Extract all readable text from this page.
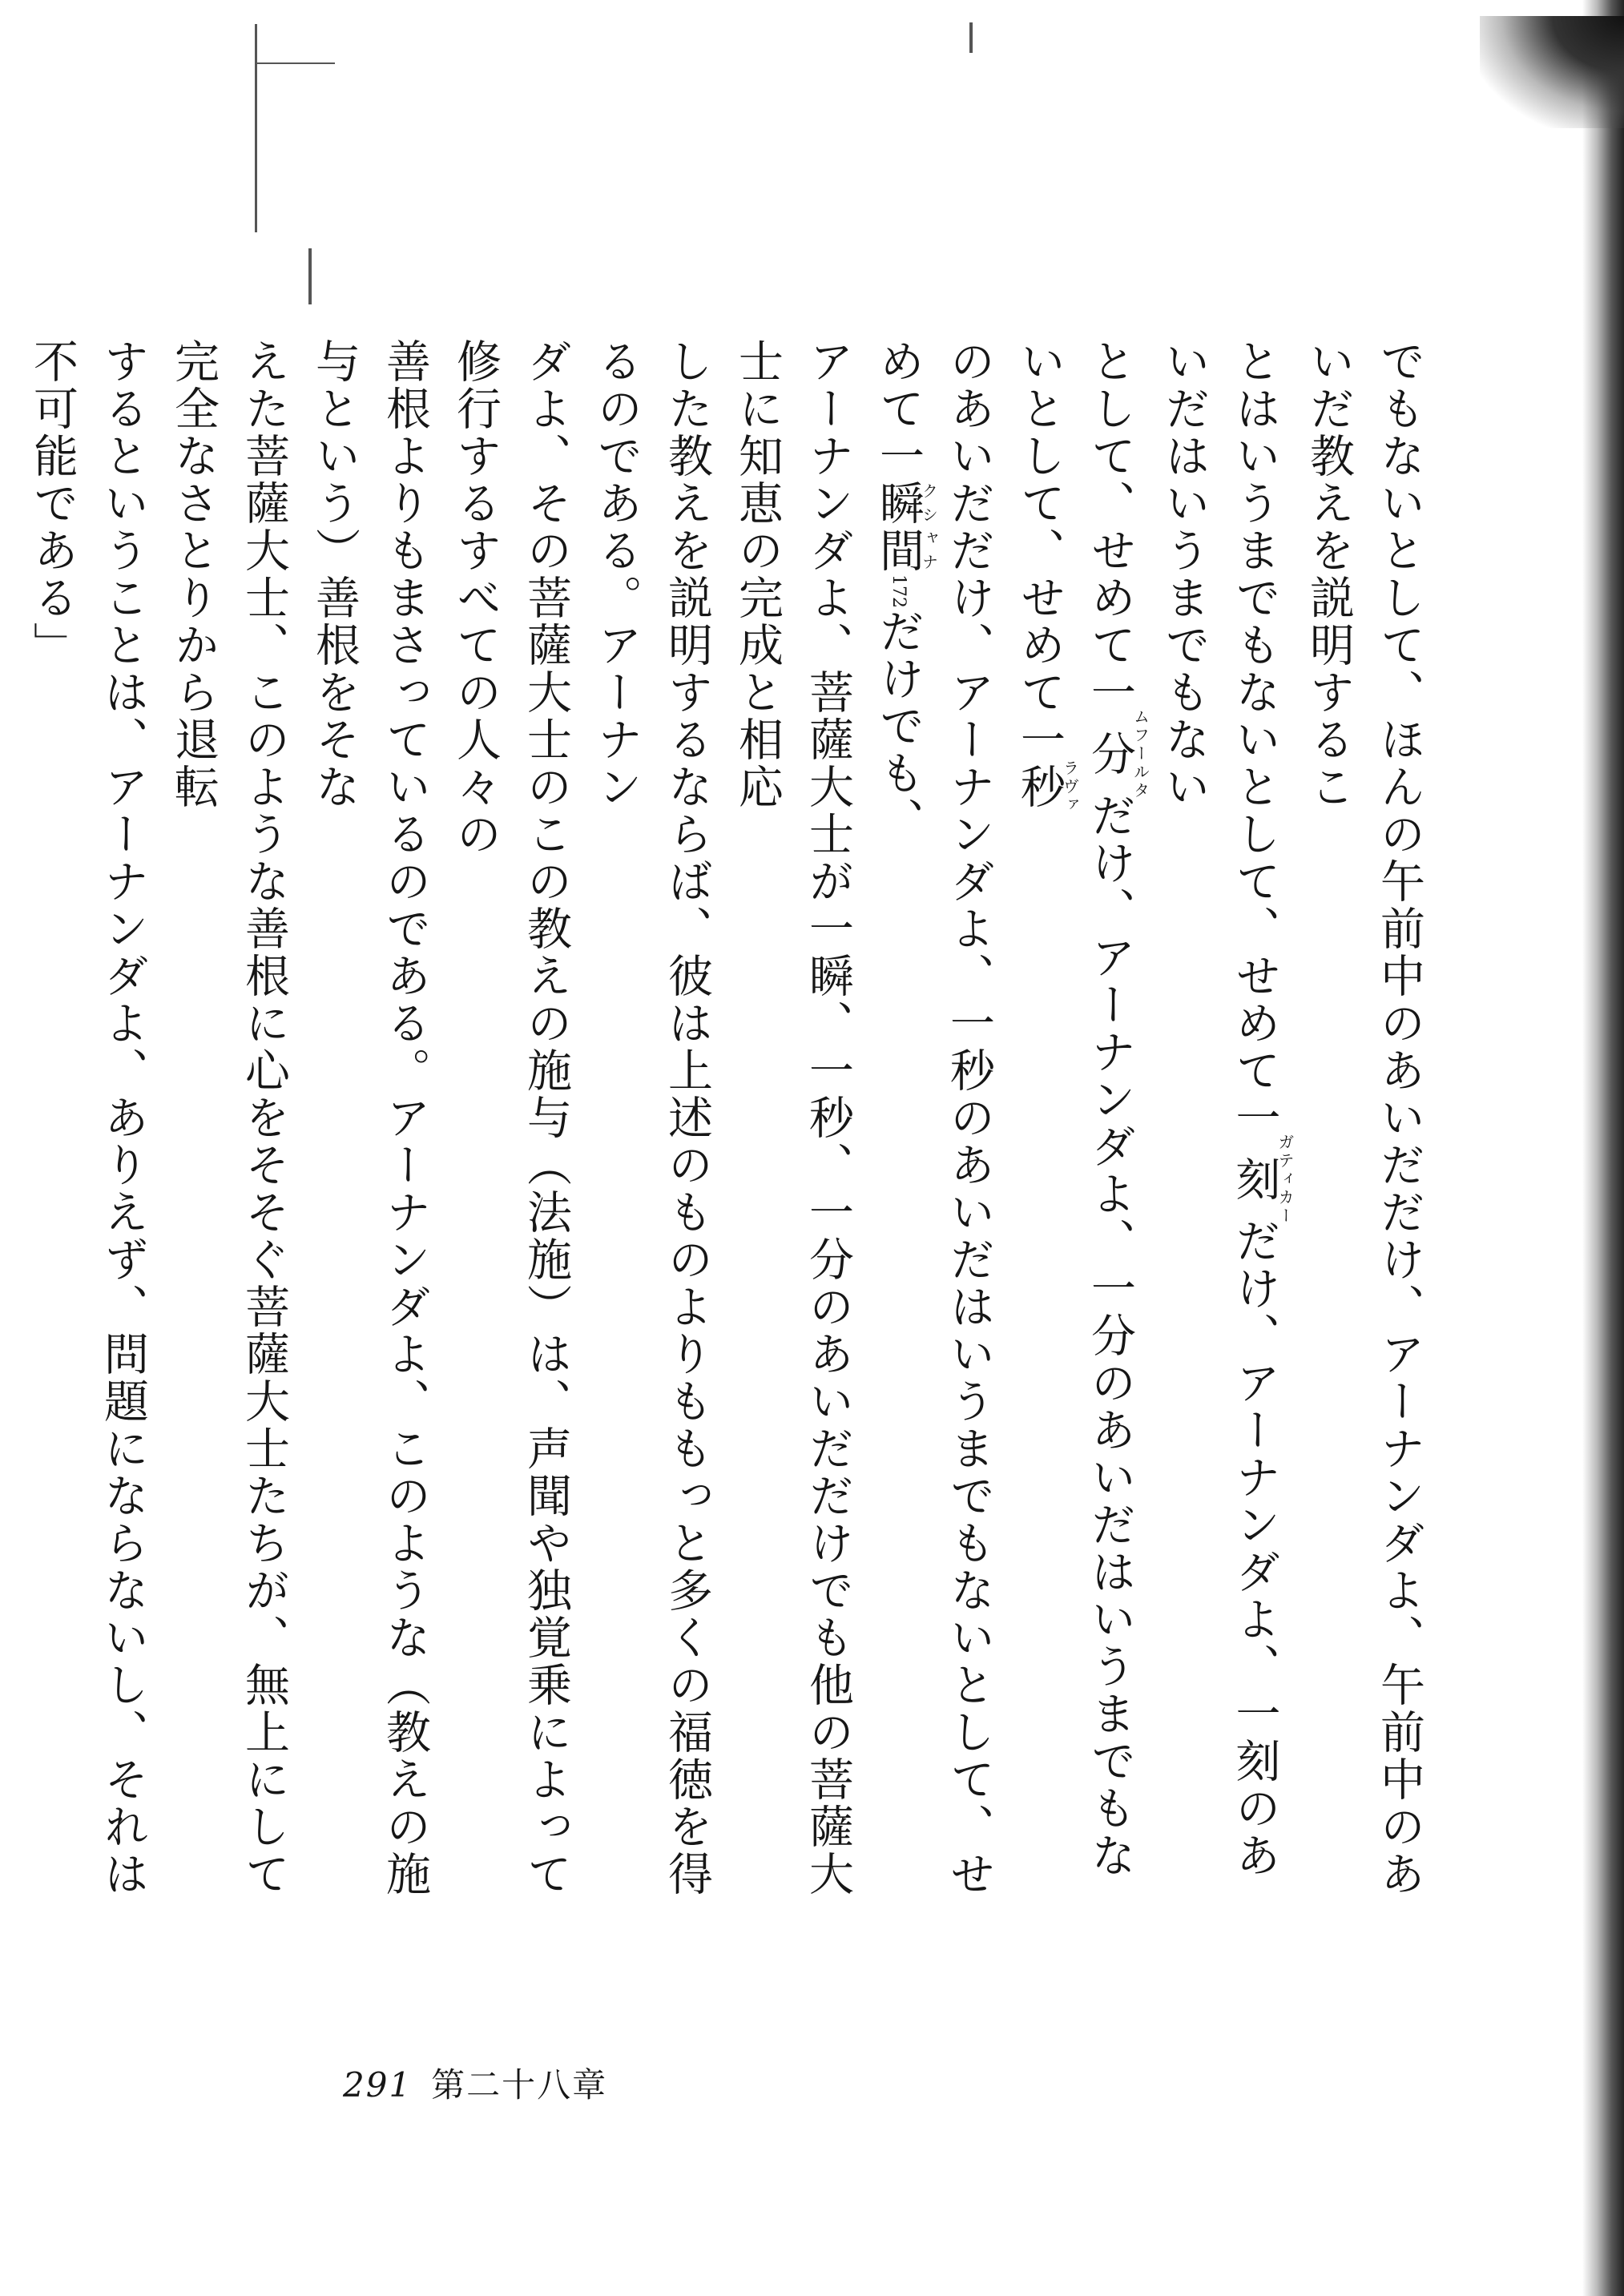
でもないとして、ほんの午前中のあいだだけ、アーナンダよ、午前中のあいだ教えを説明するこ

とはいうまでもないとして、せめて一刻ガティカーだけ、アーナンダよ、一刻のあいだはいうまでもない

として、せめて一分ムフールタだけ、アーナンダよ、一分のあいだはいうまでもないとして、せめて一秒ラヴァ

のあいだだけ、アーナンダよ、一秒のあいだはいうまでもないとして、せめて一瞬間クシャナ172だけでも、

アーナンダよ、菩薩大士が一瞬、一秒、一分のあいだだけでも他の菩薩大士に知恵の完成と相応

した教えを説明するならば、彼は上述のものよりももっと多くの福徳を得るのである。アーナン

ダよ、その菩薩大士のこの教えの施与（法施）は、声聞や独覚乗によって修行するすべての人々の

善根よりもまさっているのである。アーナンダよ、このような（教えの施与という）善根をそな

えた菩薩大士、このような善根に心をそそぐ菩薩大士たちが、無上にして完全なさとりから退転

するということは、アーナンダよ、ありえず、問題にならないし、それは不可能である」

291 第二十八章
